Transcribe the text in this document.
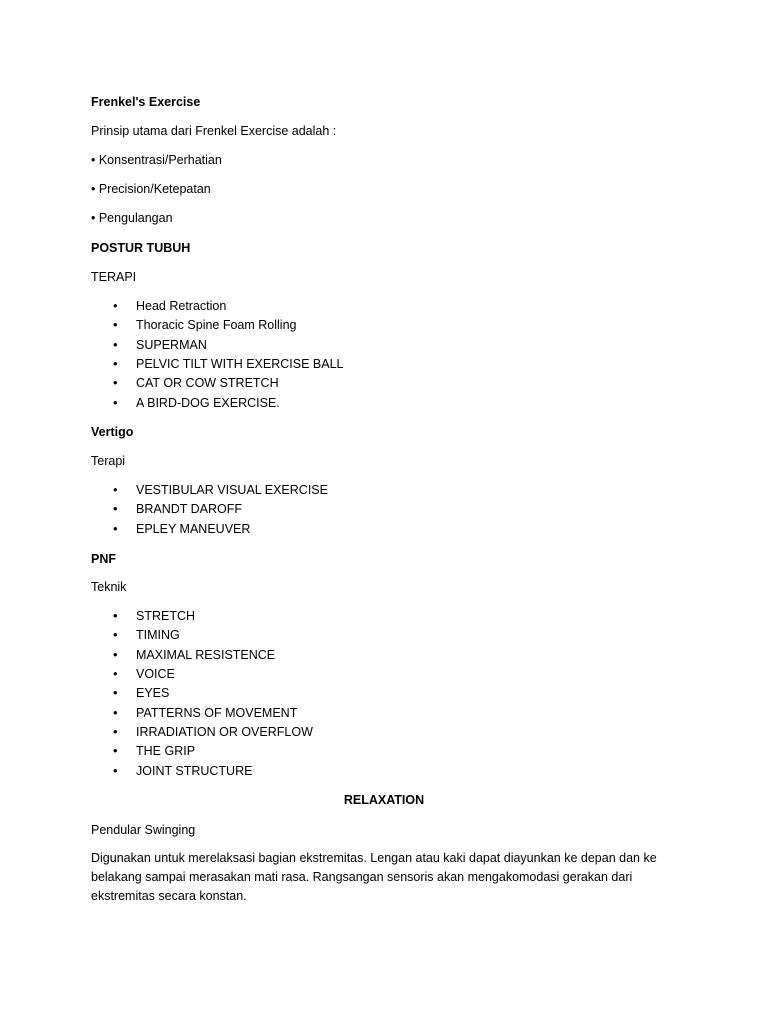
Frenkel's Exercise
Prinsip utama dari Frenkel Exercise adalah :
• Konsentrasi/Perhatian
• Precision/Ketepatan
• Pengulangan
POSTUR TUBUH
TERAPI
•	Head Retraction
•	Thoracic Spine Foam Rolling
•	SUPERMAN
•	PELVIC TILT WITH EXERCISE BALL
•	CAT OR COW STRETCH
•	A BIRD-DOG EXERCISE.
Vertigo
Terapi
•	VESTIBULAR VISUAL EXERCISE
•	BRANDT DAROFF
•	EPLEY MANEUVER
PNF
Teknik
•	STRETCH
•	TIMING
•	MAXIMAL RESISTENCE
•	VOICE
•	EYES
•	PATTERNS OF MOVEMENT
•	IRRADIATION OR OVERFLOW
•	THE GRIP
•	JOINT STRUCTURE
RELAXATION
Pendular Swinging
Digunakan untuk merelaksasi bagian ekstremitas. Lengan atau kaki dapat diayunkan ke depan dan ke belakang sampai merasakan mati rasa. Rangsangan sensoris akan mengakomodasi gerakan dari ekstremitas secara konstan.
